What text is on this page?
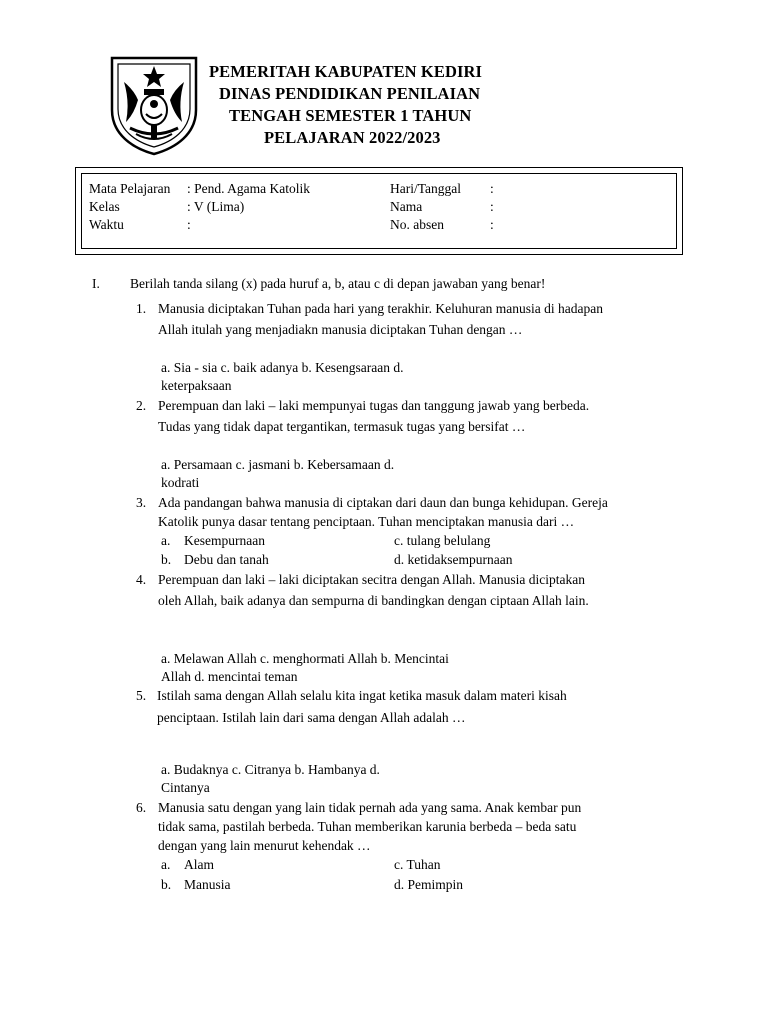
PEMERITAH KABUPATEN KEDIRI
DINAS PENDIDIKAN PENILAIAN
TENGAH SEMESTER 1 TAHUN
PELAJARAN 2022/2023
Mata Pelajaran : Pend. Agama Katolik
Kelas	: V (Lima)
Waktu	:
Hari/Tanggal :
Nama	:
No. absen	:
I. Berilah tanda silang (x) pada huruf a, b, atau c di depan jawaban yang benar!
1. Manusia diciptakan Tuhan pada hari yang terakhir. Keluhuran manusia di hadapan
Allah itulah yang menjadiakn manusia diciptakan Tuhan dengan …
a. Sia - sia c. baik adanya b. Kesengsaraan d.
keterpaksaan
2. Perempuan dan laki – laki mempunyai tugas dan tanggung jawab yang berbeda.
Tudas yang tidak dapat tergantikan, termasuk tugas yang bersifat …
a. Persamaan c. jasmani b. Kebersamaan d.
kodrati
3. Ada pandangan bahwa manusia di ciptakan dari daun dan bunga kehidupan. Gereja
Katolik punya dasar tentang penciptaan. Tuhan menciptakan manusia dari …
a. Kesempurnaan	c. tulang belulang
b. Debu dan tanah	d. ketidaksempurnaan
4. Perempuan dan laki – laki diciptakan secitra dengan Allah. Manusia diciptakan
oleh Allah, baik adanya dan sempurna di bandingkan dengan ciptaan Allah lain.
a. Melawan Allah c. menghormati Allah b. Mencintai
Allah d. mencintai teman
5. Istilah sama dengan Allah selalu kita ingat ketika masuk dalam materi kisah
penciptaan. Istilah lain dari sama dengan Allah adalah …
a. Budaknya c. Citranya b. Hambanya d.
Cintanya
6. Manusia satu dengan yang lain tidak pernah ada yang sama. Anak kembar pun
tidak sama, pastilah berbeda. Tuhan memberikan karunia berbeda – beda satu
dengan yang lain menurut kehendak …
a. Alam	c. Tuhan
b. Manusia	d. Pemimpin
